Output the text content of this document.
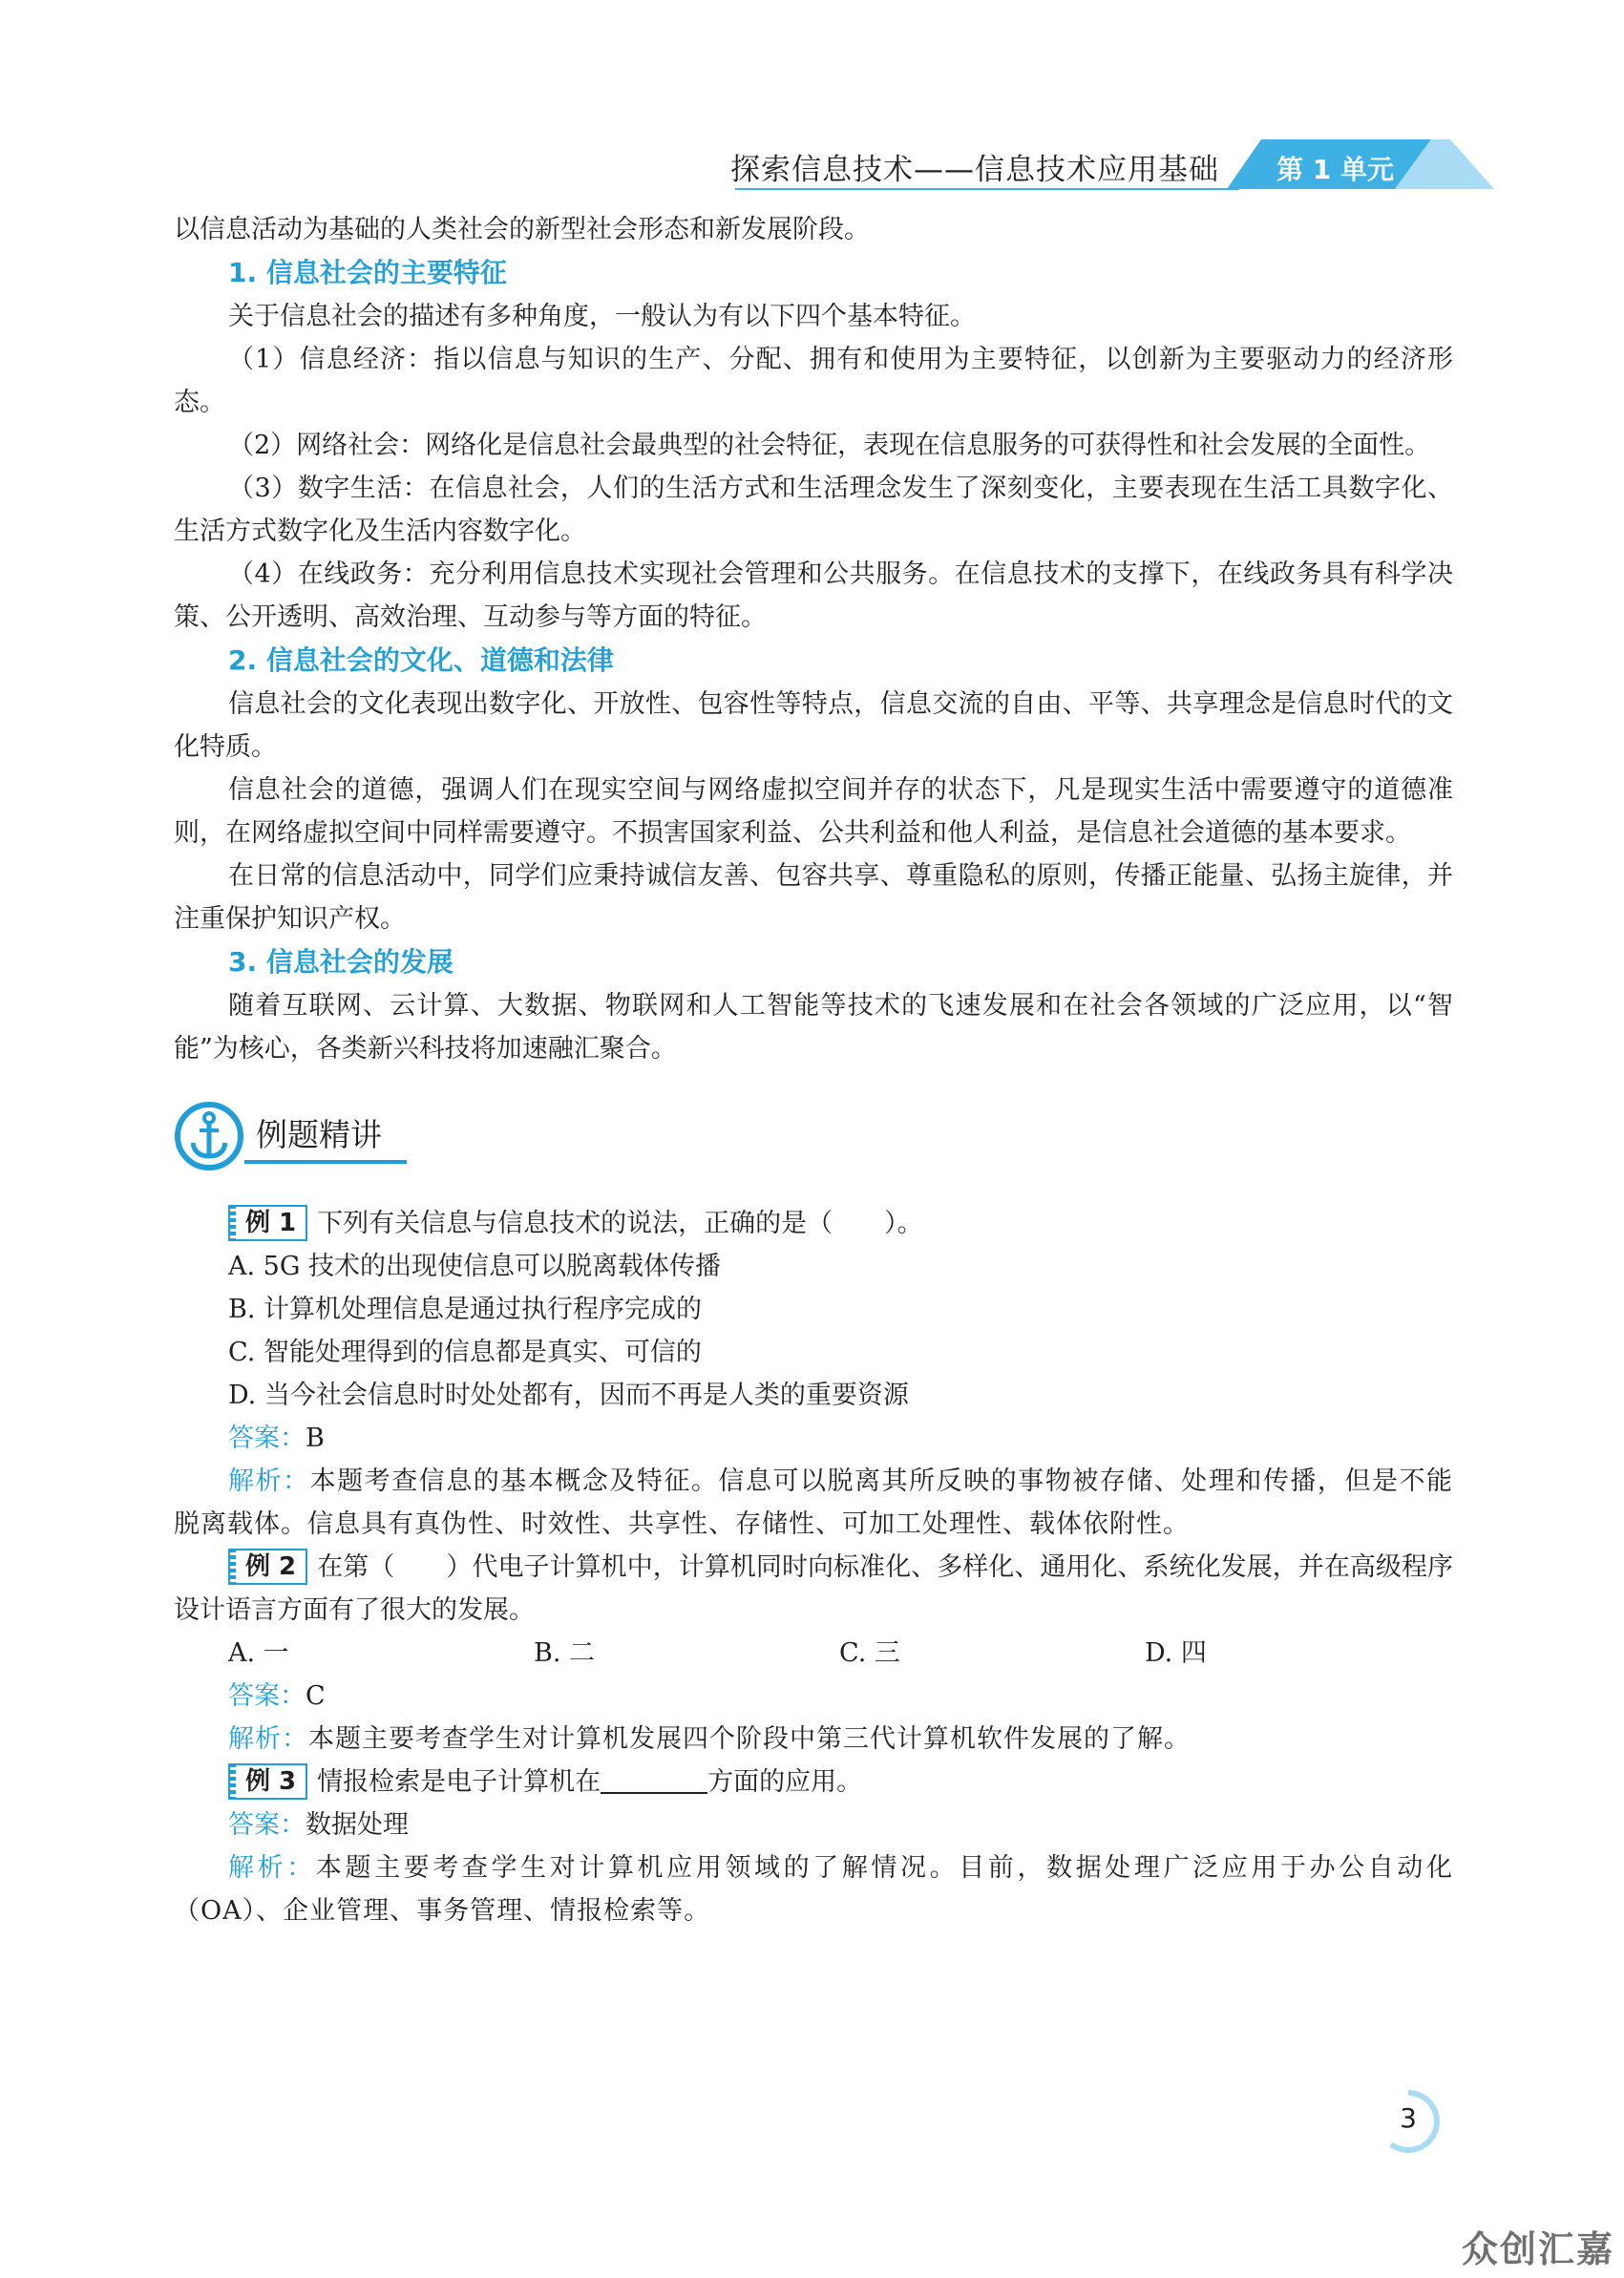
探索信息技术——信息技术应用基础 第 1 单元

以信息活动为基础的人类社会的新型社会形态和新发展阶段。

1. 信息社会的主要特征

关于信息社会的描述有多种角度，一般认为有以下四个基本特征。

（1）信息经济：指以信息与知识的生产、分配、拥有和使用为主要特征，以创新为主要驱动力的经济形态。

（2）网络社会：网络化是信息社会最典型的社会特征，表现在信息服务的可获得性和社会发展的全面性。

（3）数字生活：在信息社会，人们的生活方式和生活理念发生了深刻变化，主要表现在生活工具数字化、生活方式数字化及生活内容数字化。

（4）在线政务：充分利用信息技术实现社会管理和公共服务。在信息技术的支撑下，在线政务具有科学决策、公开透明、高效治理、互动参与等方面的特征。

2. 信息社会的文化、道德和法律

信息社会的文化表现出数字化、开放性、包容性等特点，信息交流的自由、平等、共享理念是信息时代的文化特质。

信息社会的道德，强调人们在现实空间与网络虚拟空间并存的状态下，凡是现实生活中需要遵守的道德准则，在网络虚拟空间中同样需要遵守。不损害国家利益、公共利益和他人利益，是信息社会道德的基本要求。

在日常的信息活动中，同学们应秉持诚信友善、包容共享、尊重隐私的原则，传播正能量、弘扬主旋律，并注重保护知识产权。

3. 信息社会的发展

随着互联网、云计算、大数据、物联网和人工智能等技术的飞速发展和在社会各领域的广泛应用，以“智能”为核心，各类新兴科技将加速融汇聚合。

例题精讲

例 1 下列有关信息与信息技术的说法，正确的是（　　）。

A. 5G 技术的出现使信息可以脱离载体传播

B. 计算机处理信息是通过执行程序完成的

C. 智能处理得到的信息都是真实、可信的

D. 当今社会信息时时处处都有，因而不再是人类的重要资源

答案：B

解析：本题考查信息的基本概念及特征。信息可以脱离其所反映的事物被存储、处理和传播，但是不能脱离载体。信息具有真伪性、时效性、共享性、存储性、可加工处理性、载体依附性。

例 2 在第（　　）代电子计算机中，计算机同时向标准化、多样化、通用化、系统化发展，并在高级程序设计语言方面有了很大的发展。

A. 一	B. 二	C. 三	D. 四

答案：C

解析：本题主要考查学生对计算机发展四个阶段中第三代计算机软件发展的了解。

例 3 情报检索是电子计算机在	方面的应用。

答案：数据处理

解析：本题主要考查学生对计算机应用领域的了解情况。目前，数据处理广泛应用于办公自动化（OA）、企业管理、事务管理、情报检索等。

3
众创汇嘉
